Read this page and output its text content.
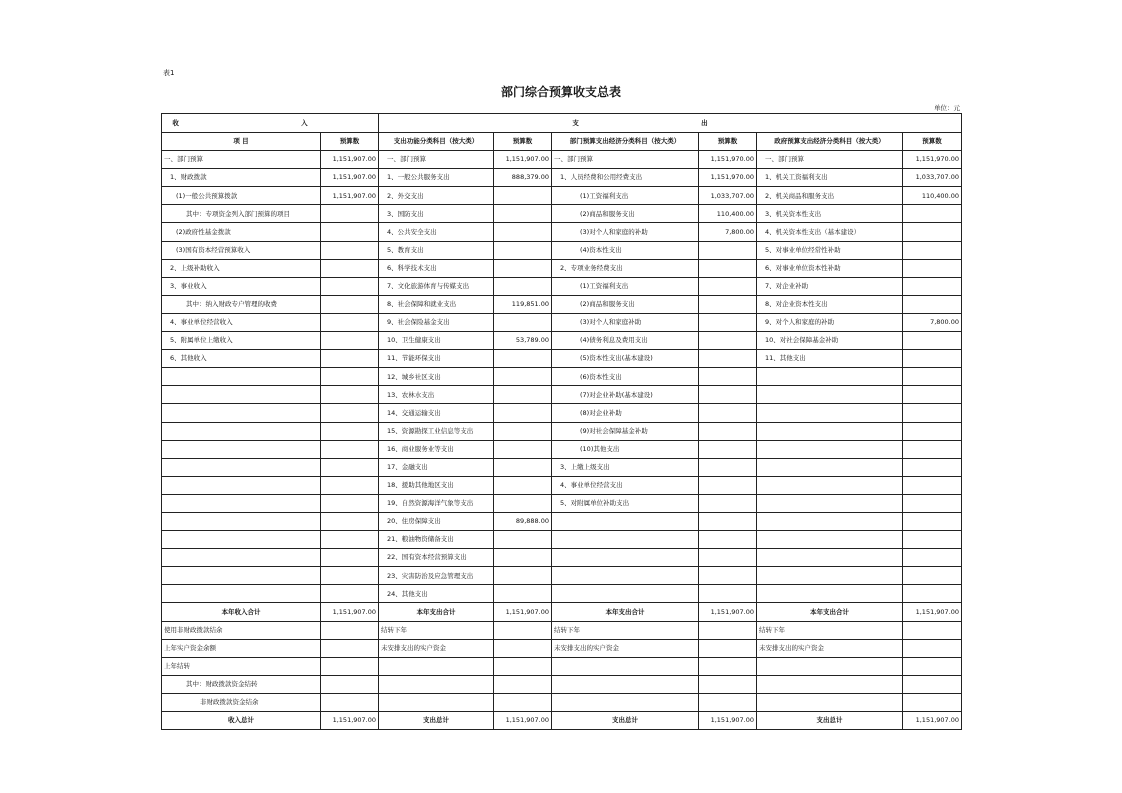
表1
部门综合预算收支总表
单位：元
收 入		支 出					
项 目	预算数	支出功能分类科目（按大类）	预算数	部门预算支出经济分类科目（按大类）	预算数	政府预算支出经济分类科目（按大类）	预算数
一、部门预算	1,151,907.00	一、部门预算	1,151,907.00	一、部门预算	1,151,970.00	一、部门预算	1,151,970.00
1、财政拨款	1,151,907.00	1、一般公共服务支出	888,379.00	1、人员经费和公用经费支出	1,151,970.00	1、机关工资福利支出	1,033,707.00
(1)一般公共预算拨款	1,151,907.00	2、外交支出		(1)工资福利支出	1,033,707.00	2、机关商品和服务支出	110,400.00
其中：专项资金列入部门预算的项目		3、国防支出		(2)商品和服务支出	110,400.00	3、机关资本性支出	
(2)政府性基金拨款		4、公共安全支出		(3)对个人和家庭的补助	7,800.00	4、机关资本性支出（基本建设）	
(3)国有资本经营预算收入		5、教育支出		(4)资本性支出		5、对事业单位经常性补助	
2、上级补助收入		6、科学技术支出		2、专项业务经费支出		6、对事业单位资本性补助	
3、事业收入		7、文化旅游体育与传媒支出		(1)工资福利支出		7、对企业补助	
其中：纳入财政专户管理的收费		8、社会保障和就业支出	119,851.00	(2)商品和服务支出		8、对企业资本性支出	
4、事业单位经营收入		9、社会保险基金支出		(3)对个人和家庭补助		9、对个人和家庭的补助	7,800.00
5、附属单位上缴收入		10、卫生健康支出	53,789.00	(4)债务利息及费用支出		10、对社会保障基金补助	
6、其他收入		11、节能环保支出		(5)资本性支出(基本建设)		11、其他支出	
		12、城乡社区支出		(6)资本性支出			
		13、农林水支出		(7)对企业补助(基本建设)			
		14、交通运输支出		(8)对企业补助			
		15、资源勘探工业信息等支出		(9)对社会保障基金补助			
		16、商业服务业等支出		(10)其他支出			
		17、金融支出		3、上缴上级支出			
		18、援助其他地区支出		4、事业单位经营支出			
		19、自然资源海洋气象等支出		5、对附属单位补助支出			
		20、住房保障支出	89,888.00				
		21、粮油物资储备支出					
		22、国有资本经营预算支出					
		23、灾害防治及应急管理支出					
		24、其他支出					
本年收入合计	1,151,907.00	本年支出合计	1,151,907.00	本年支出合计	1,151,907.00	本年支出合计	1,151,907.00
使用非财政拨款结余		结转下年		结转下年		结转下年	
上年实户资金余额		未安排支出的实户资金		未安排支出的实户资金		未安排支出的实户资金	
上年结转							
其中：财政拨款资金结转							
非财政拨款资金结余							
收入总计	1,151,907.00	支出总计	1,151,907.00	支出总计	1,151,907.00	支出总计	1,151,907.00
